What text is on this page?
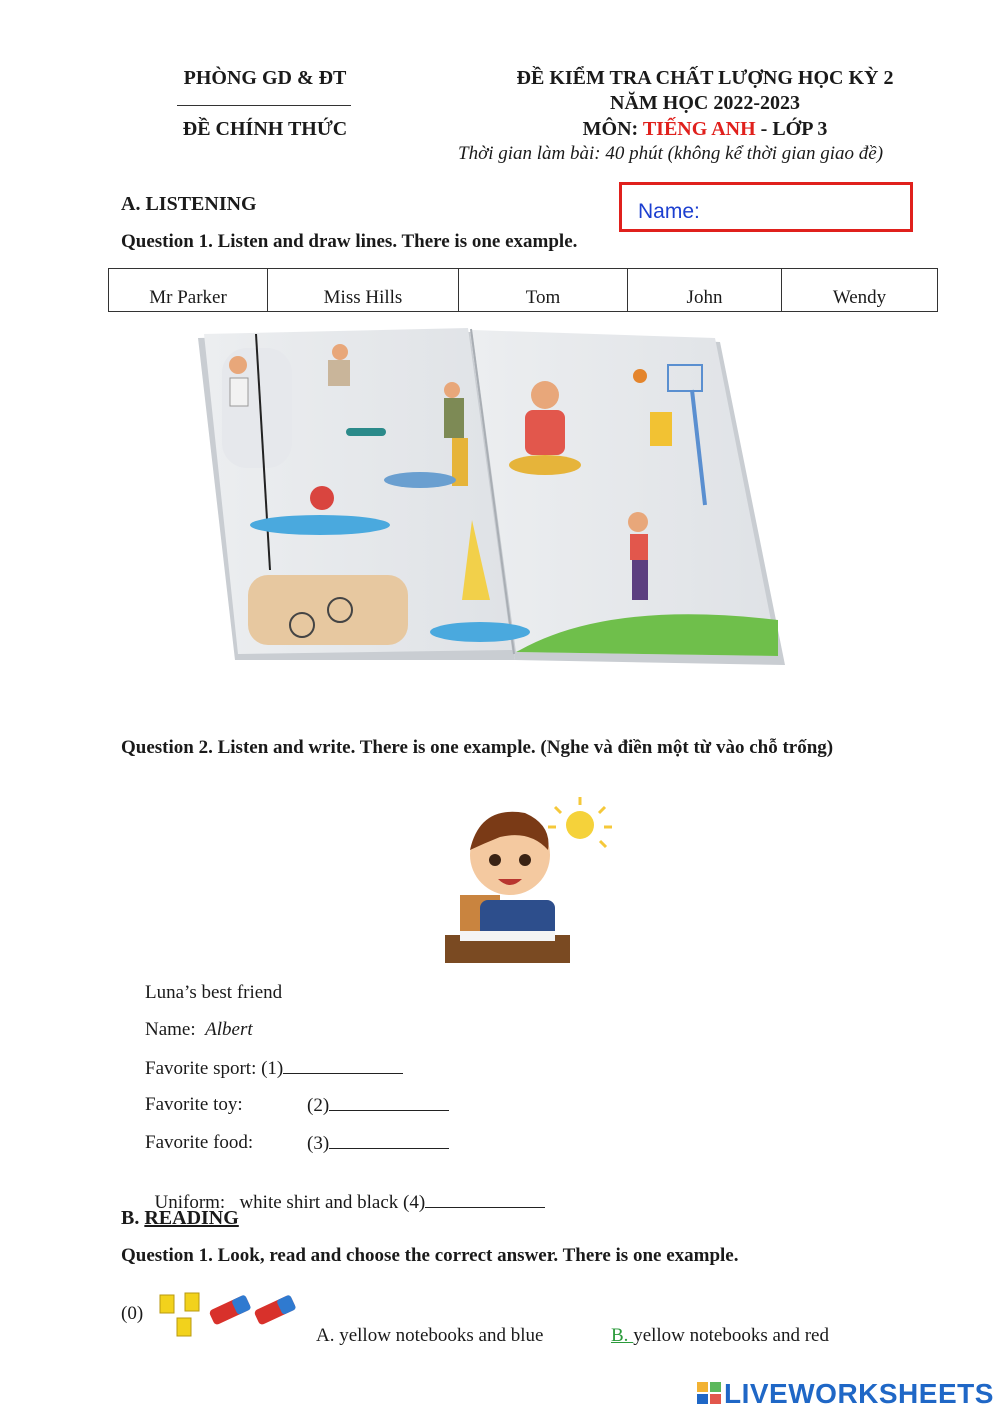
PHÒNG GD & ĐT
ĐỀ CHÍNH THỨC
ĐỀ KIỂM TRA CHẤT LƯỢNG HỌC KỲ 2
NĂM HỌC 2022-2023
MÔN: TIẾNG ANH - LỚP 3
Thời gian làm bài: 40 phút (không kể thời gian giao đề)
A. LISTENING	Name:
Question 1. Listen and draw lines. There is one example.
Mr Parker	Miss Hills	Tom	John	Wendy
Question 2. Listen and write. There is one example. (Nghe và điền một từ vào chỗ trống)
Luna’s best friend
Name: Albert
Favorite sport: (1)
Favorite toy:	(2)
Favorite food:	(3)

Uniform:   white shirt and black (4)

B. READING
Question 1. Look, read and choose the correct answer. There is one example.
(0)
A. yellow notebooks and blue	B. yellow notebooks and red
LIVEWORKSHEETS
